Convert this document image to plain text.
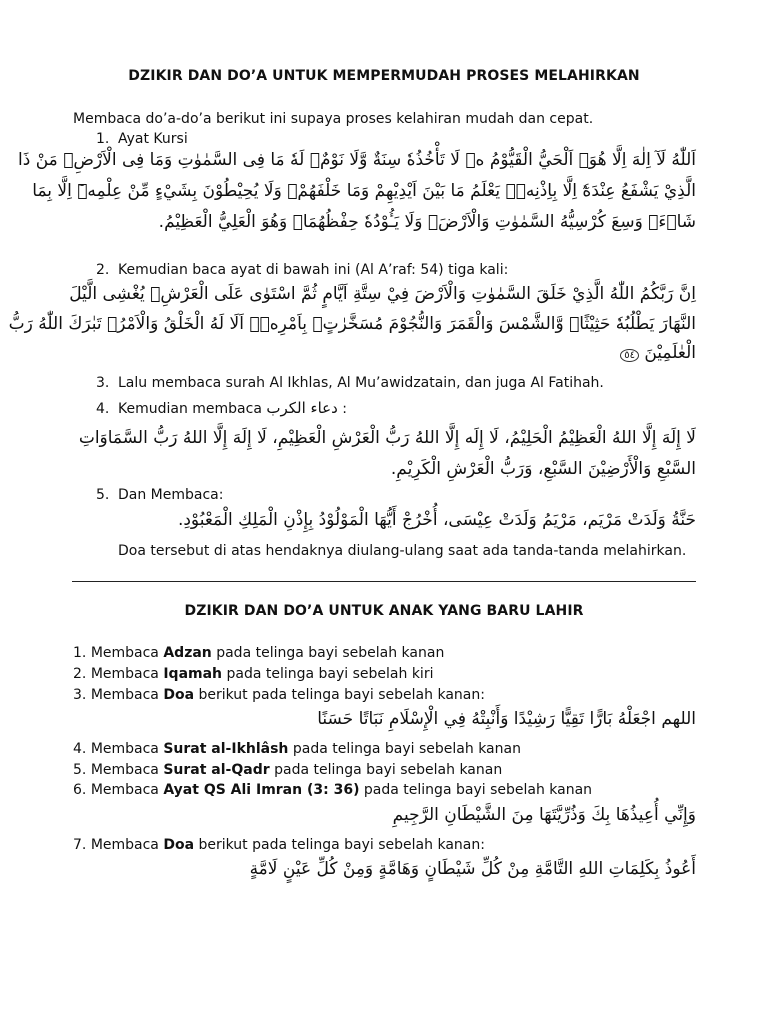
DZIKIR DAN DO’A UNTUK MEMPERMUDAH PROSES MELAHIRKAN
Membaca do’a-do’a berikut ini supaya proses kelahiran mudah dan cepat.
1. Ayat Kursi
اَللّٰهُ لَآ اِلٰهَ اِلَّا هُوَۚ اَلْحَيُّ الْقَيُّوْمُ ەۚ لَا تَأْخُذُهٗ سِنَةٌ وَّلَا نَوْمٌۗ لَهٗ مَا فِى السَّمٰوٰتِ وَمَا فِى الْاَرْضِۗ مَنْ ذَا
الَّذِيْ يَشْفَعُ عِنْدَهٗٓ اِلَّا بِاِذْنِهٖۗ يَعْلَمُ مَا بَيْنَ اَيْدِيْهِمْ وَمَا خَلْفَهُمْۚ وَلَا يُحِيْطُوْنَ بِشَيْءٍ مِّنْ عِلْمِهٖٓ اِلَّا بِمَا
شَاۤءَۚ وَسِعَ كُرْسِيُّهُ السَّمٰوٰتِ وَالْاَرْضَۚ وَلَا يَـُٔوْدُهٗ حِفْظُهُمَاۚ وَهُوَ الْعَلِيُّ الْعَظِيْمُ.
2. Kemudian baca ayat di bawah ini (Al A’raf: 54) tiga kali:
اِنَّ رَبَّكُمُ اللّٰهُ الَّذِيْ خَلَقَ السَّمٰوٰتِ وَالْاَرْضَ فِيْ سِتَّةِ اَيَّامٍ ثُمَّ اسْتَوٰى عَلَى الْعَرْشِۗ يُغْشِى الَّيْلَ
النَّهَارَ يَطْلُبُهٗ حَثِيْثًاۙ وَّالشَّمْسَ وَالْقَمَرَ وَالنُّجُوْمَ مُسَخَّرٰتٍۢ بِاَمْرِهٖۗ اَلَا لَهُ الْخَلْقُ وَالْاَمْرُۗ تَبٰرَكَ اللّٰهُ رَبُّ
الْعٰلَمِيْنَ ٥٤
3. Lalu membaca surah Al Ikhlas, Al Mu’awidzatain, dan juga Al Fatihah.
4. Kemudian membaca دعاء الكرب :
لَا إِلَهَ إِلَّا اللهُ الْعَظِيْمُ الْحَلِيْمُ، لَا إِلَه إِلَّا اللهُ رَبُّ الْعَرْشِ الْعَظِيْمِ، لَا إِلَهَ إِلَّا اللهُ رَبُّ السَّمَاوَاتِ
السَّبْعِ وَالْأَرْضِيْنَ السَّبْعِ، وَرَبُّ الْعَرْشِ الْكَرِيْمِ.
5. Dan Membaca:
حَنَّةُ وَلَدَتْ مَرْيَم، مَرْيَمُ وَلَدَتْ عِيْسَى، أُخْرُجْ أَيُّهَا الْمَوْلُوْدُ بِإِذْنِ الْمَلِكِ الْمَعْبُوْدِ.
Doa tersebut di atas hendaknya diulang-ulang saat ada tanda-tanda melahirkan.
DZIKIR DAN DO’A UNTUK ANAK YANG BARU LAHIR
1. Membaca Adzan pada telinga bayi sebelah kanan
2. Membaca Iqamah pada telinga bayi sebelah kiri
3. Membaca Doa berikut pada telinga bayi sebelah kanan:
اللهم اجْعَلْهُ بَارًّا تَقِيًّا رَشِيْدًا وَأَنْبِتْهُ فِي الْإِسْلَامِ نَبَاتًا حَسَنًا
4. Membaca Surat al-Ikhlâsh pada telinga bayi sebelah kanan
5. Membaca Surat al-Qadr pada telinga bayi sebelah kanan
6. Membaca Ayat QS Ali Imran (3: 36) pada telinga bayi sebelah kanan
وَإِنِّي أُعِيذُهَا بِكَ وَذُرِّيَّتَهَا مِنَ الشَّيْطَانِ الرَّجِيمِ
7. Membaca Doa berikut pada telinga bayi sebelah kanan:
أَعُوذُ بِكَلِمَاتِ اللهِ التَّامَّةِ مِنْ كُلِّ شَيْطَانٍ وَهَامَّةٍ وَمِنْ كُلِّ عَيْنٍ لَامَّةٍ
